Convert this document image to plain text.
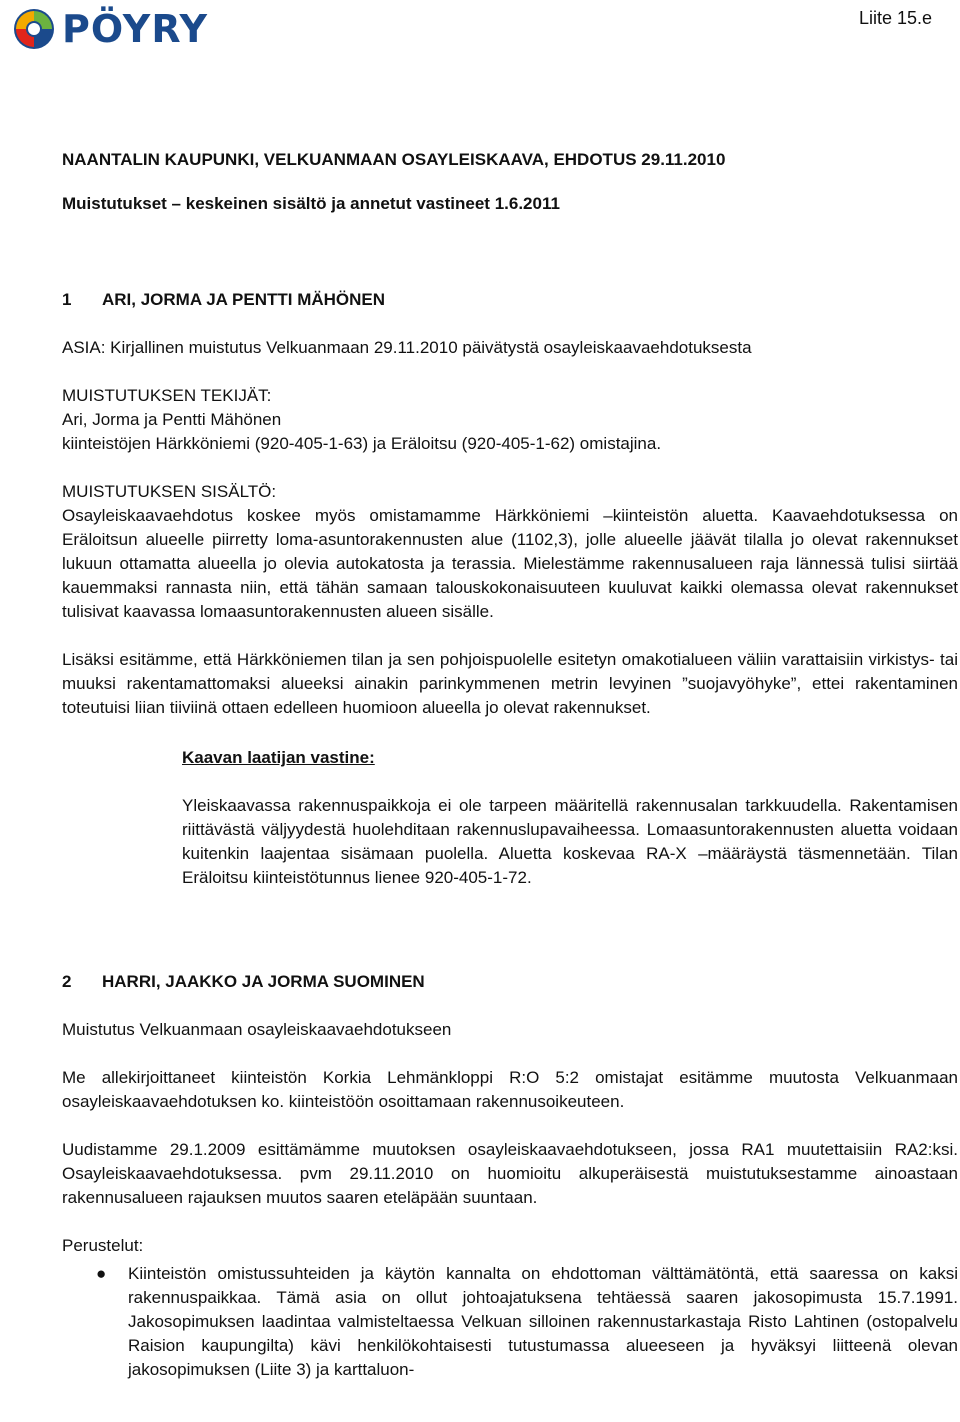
PÖYRY	Liite 15.e

NAANTALIN KAUPUNKI, VELKUANMAAN OSAYLEISKAAVA, EHDOTUS 29.11.2010

Muistutukset – keskeinen sisältö ja annetut vastineet 1.6.2011

1 ARI, JORMA JA PENTTI MÄHÖNEN

ASIA: Kirjallinen muistutus Velkuanmaan 29.11.2010 päivätystä osayleiskaavaehdotuksesta

MUISTUTUKSEN TEKIJÄT:

Ari, Jorma ja Pentti Mähönen

kiinteistöjen Härkköniemi (920-405-1-63) ja Eräloitsu (920-405-1-62) omistajina.

MUISTUTUKSEN SISÄLTÖ:

Osayleiskaavaehdotus koskee myös omistamamme Härkköniemi –kiinteistön aluetta. Kaavaehdotuksessa on Eräloitsun alueelle piirretty loma-asuntorakennusten alue (1102,3), jolle alueelle jäävät tilalla jo olevat rakennukset lukuun ottamatta alueella jo olevia autokatosta ja terassia. Mielestämme rakennusalueen raja lännessä tulisi siirtää kauemmaksi rannasta niin, että tähän samaan talouskokonaisuuteen kuuluvat kaikki olemassa olevat rakennukset tulisivat kaavassa lomaasuntorakennusten alueen sisälle.

Lisäksi esitämme, että Härkköniemen tilan ja sen pohjoispuolelle esitetyn omakotialueen väliin varattaisiin virkistys- tai muuksi rakentamattomaksi alueeksi ainakin parinkymmenen metrin levyinen ”suojavyöhyke”, ettei rakentaminen toteutuisi liian tiiviinä ottaen edelleen huomioon alueella jo olevat rakennukset.

Kaavan laatijan vastine:

Yleiskaavassa rakennuspaikkoja ei ole tarpeen määritellä rakennusalan tarkkuudella. Rakentamisen riittävästä väljyydestä huolehditaan rakennuslupavaiheessa. Lomaasuntorakennusten aluetta voidaan kuitenkin laajentaa sisämaan puolella. Aluetta koskevaa RA-X –määräystä täsmennetään. Tilan Eräloitsu kiinteistötunnus lienee 920-405-1-72.

2 HARRI, JAAKKO JA JORMA SUOMINEN

Muistutus Velkuanmaan osayleiskaavaehdotukseen

Me allekirjoittaneet kiinteistön Korkia Lehmänkloppi R:O 5:2 omistajat esitämme muutosta Velkuanmaan osayleiskaavaehdotuksen ko. kiinteistöön osoittamaan rakennusoikeuteen.

Uudistamme 29.1.2009 esittämämme muutoksen osayleiskaavaehdotukseen, jossa RA1 muutettaisiin RA2:ksi. Osayleiskaavaehdotuksessa. pvm 29.11.2010 on huomioitu alkuperäisestä muistutuksestamme ainoastaan rakennusalueen rajauksen muutos saaren eteläpään suuntaan.

Perustelut:

●	Kiinteistön omistussuhteiden ja käytön kannalta on ehdottoman välttämätöntä, että saaressa on kaksi rakennuspaikkaa. Tämä asia on ollut johtoajatuksena tehtäessä saaren jakosopimusta 15.7.1991. Jakosopimuksen laadintaa valmisteltaessa Velkuan silloinen rakennustarkastaja Risto Lahtinen (ostopalvelu Raision kaupungilta) kävi henkilökohtaisesti tutustumassa alueeseen ja hyväksyi liitteenä olevan jakosopimuksen (Liite 3) ja karttaluon-
